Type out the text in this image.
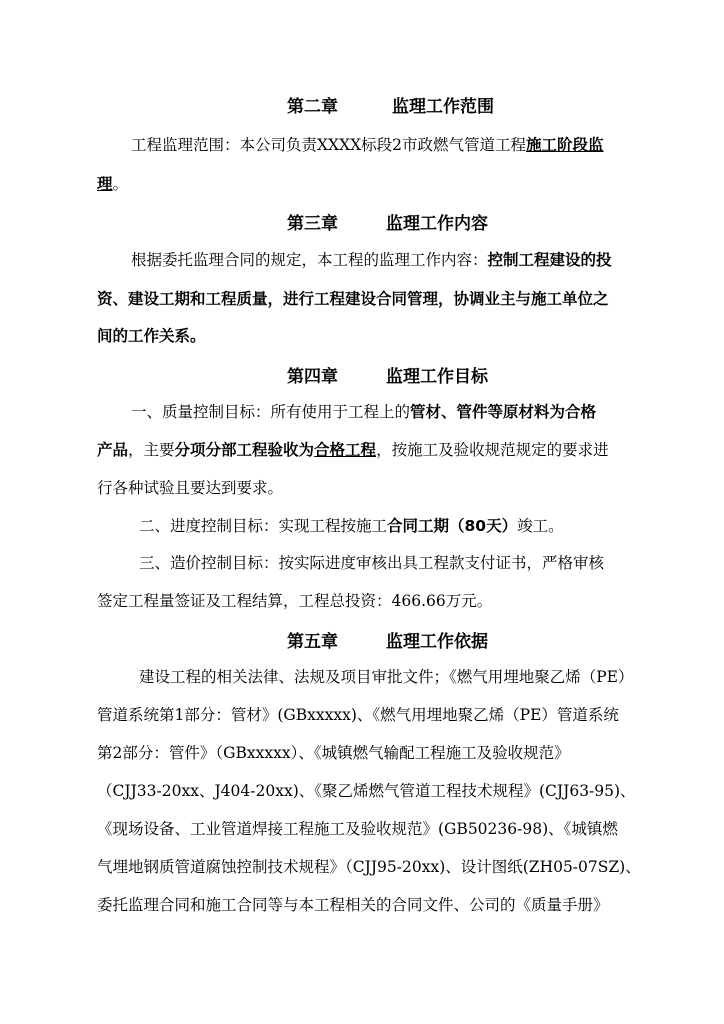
第二章	监理工作范围
工程监理范围：本公司负责XXXX标段2市政燃气管道工程施工阶段监
理。
第三章	监理工作内容
根据委托监理合同的规定，本工程的监理工作内容：控制工程建设的投
资、建设工期和工程质量，进行工程建设合同管理，协调业主与施工单位之
间的工作关系。
第四章	监理工作目标
一、质量控制目标：所有使用于工程上的管材、管件等原材料为合格
产品，主要分项分部工程验收为合格工程，按施工及验收规范规定的要求进
行各种试验且要达到要求。
二、进度控制目标：实现工程按施工合同工期（80天）竣工。
三、造价控制目标：按实际进度审核出具工程款支付证书，严格审核
签定工程量签证及工程结算，工程总投资：466.66万元。
第五章	监理工作依据
建设工程的相关法律、法规及项目审批文件；《燃气用埋地聚乙烯（PE）
管道系统第1部分：管材》(GBxxxxx)、《燃气用埋地聚乙烯（PE）管道系统
第2部分：管件》（GBxxxxx）、《城镇燃气输配工程施工及验收规范》
（CJJ33-20xx、J404-20xx)、《聚乙烯燃气管道工程技术规程》(CJJ63-95)、
《现场设备、工业管道焊接工程施工及验收规范》(GB50236-98)、《城镇燃
气埋地钢质管道腐蚀控制技术规程》（CJJ95-20xx)、设计图纸(ZH05-07SZ)、
委托监理合同和施工合同等与本工程相关的合同文件、公司的《质量手册》
